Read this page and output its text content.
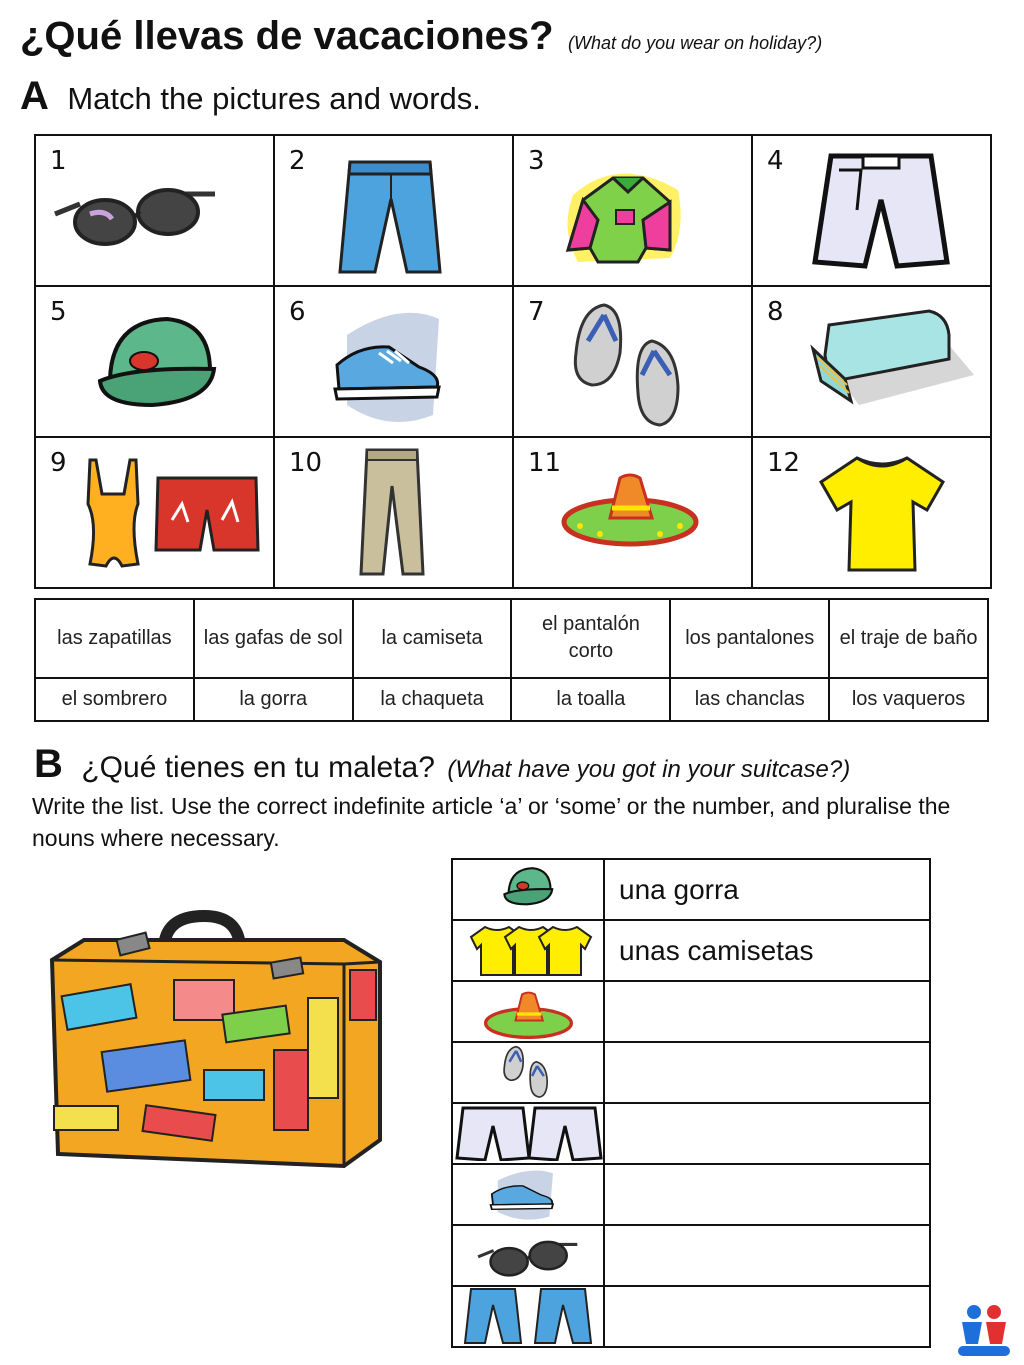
¿Qué llevas de vacaciones? (What do you wear on holiday?)
A Match the pictures and words.
1	2	3	4

5	6	7	8

9	10	11	12
las zapatillas	las gafas de sol	la camiseta	el pantalón corto	los pantalones	el traje de baño
el sombrero	la gorra	la chaqueta	la toalla	las chanclas	los vaqueros
B ¿Qué tienes en tu maleta? (What have you got in your suitcase?)
Write the list. Use the correct indefinite article ‘a’ or ‘some’ or the number, and pluralise the nouns where necessary.
	una gorra

	unas camisetas
